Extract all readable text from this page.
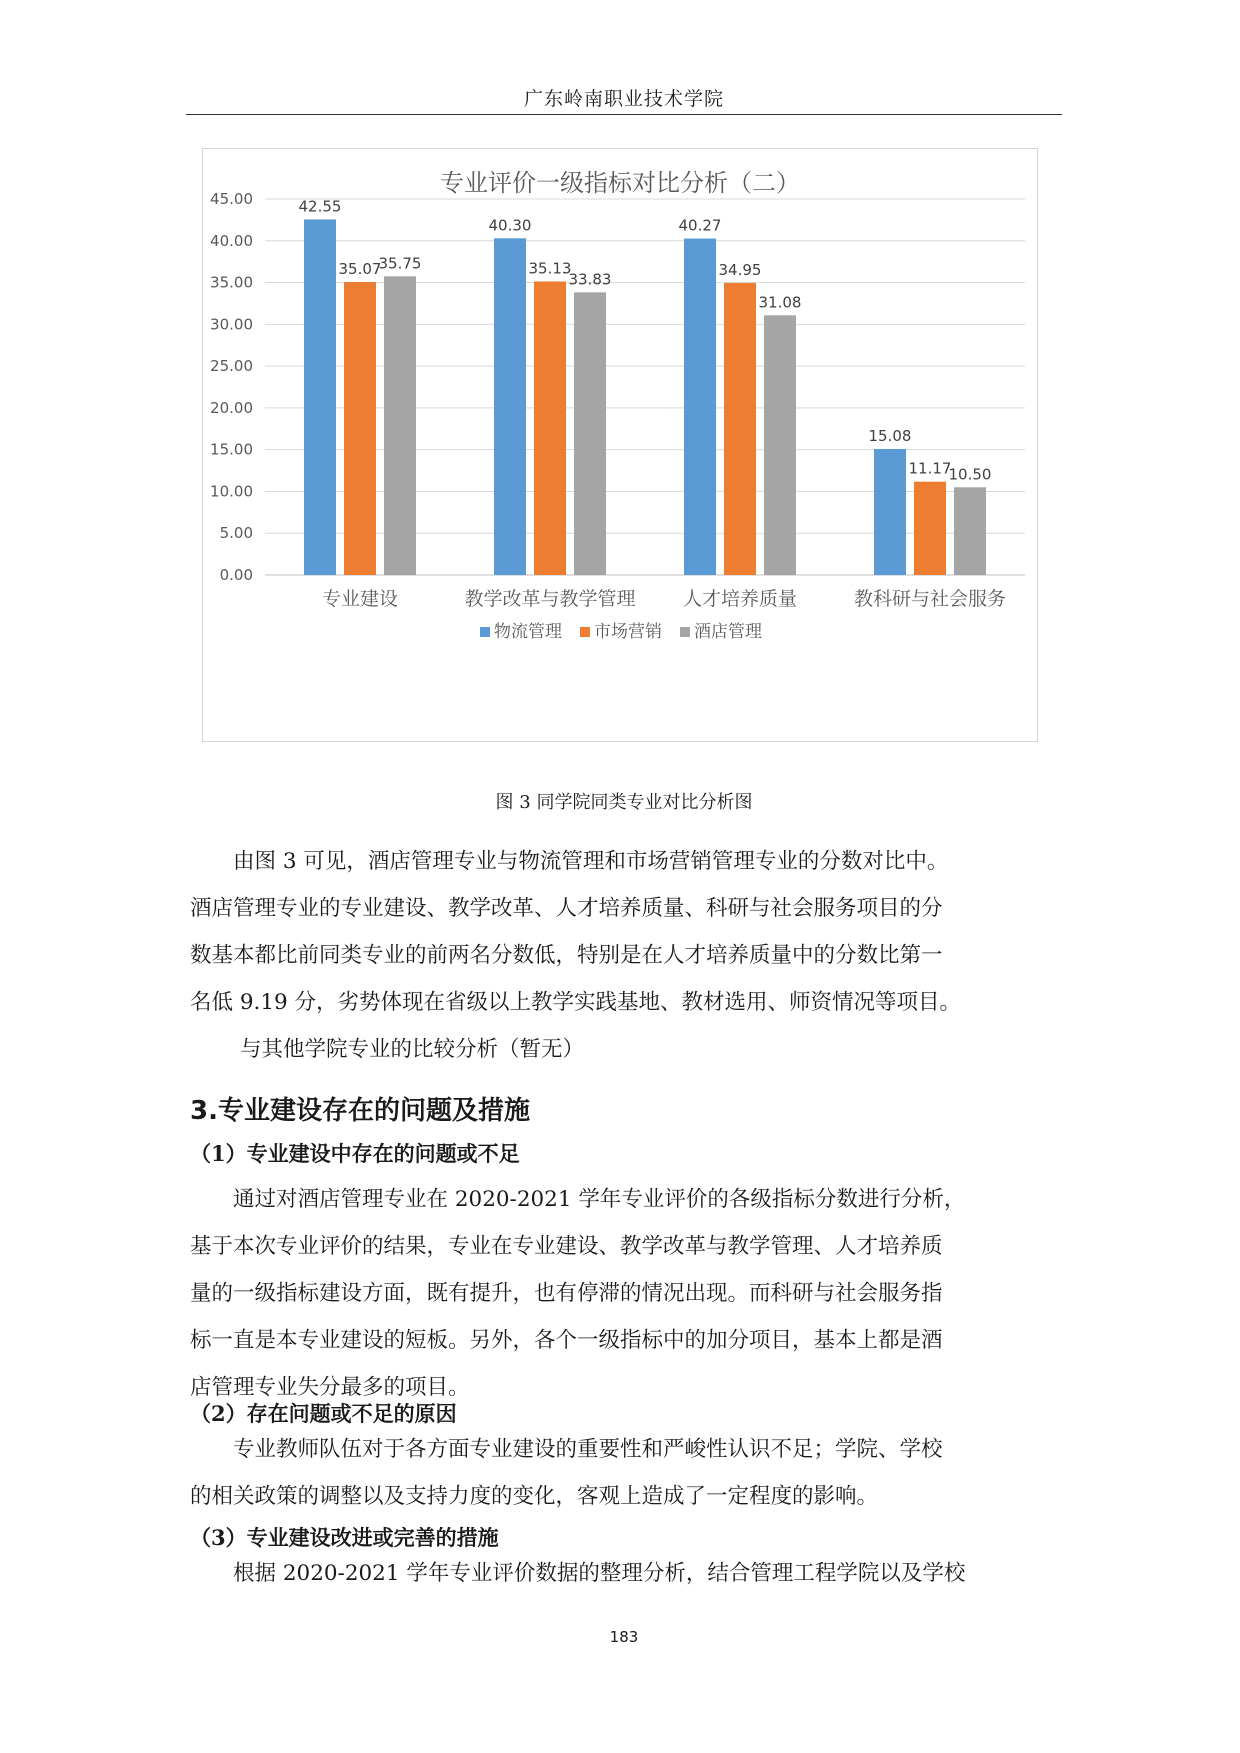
广东岭南职业技术学院
专业评价一级指标对比分析（二）
0.00
5.00
10.00
15.00
20.00
25.00
30.00
35.00
40.00
45.00	42.55
35.07
35.75
40.30
35.13
33.83
40.27
34.95
31.08
15.08
11.17
10.50
专业建设	教学改革与教学管理 人才培养质量	教科研与社会服务
物流管理 市场营销 酒店管理
图 3 同学院同类专业对比分析图
由图 3 可见，酒店管理专业与物流管理和市场营销管理专业的分数对比中。
酒店管理专业的专业建设、教学改革、人才培养质量、科研与社会服务项目的分
数基本都比前同类专业的前两名分数低，特别是在人才培养质量中的分数比第一
名低 9.19 分，劣势体现在省级以上教学实践基地、教材选用、师资情况等项目。
与其他学院专业的比较分析（暂无）
3.专业建设存在的问题及措施
（1）专业建设中存在的问题或不足
通过对酒店管理专业在 2020-2021 学年专业评价的各级指标分数进行分析，
基于本次专业评价的结果，专业在专业建设、教学改革与教学管理、人才培养质
量的一级指标建设方面，既有提升，也有停滞的情况出现。而科研与社会服务指
标一直是本专业建设的短板。另外，各个一级指标中的加分项目，基本上都是酒
店管理专业失分最多的项目。
（2）存在问题或不足的原因
专业教师队伍对于各方面专业建设的重要性和严峻性认识不足；学院、学校
的相关政策的调整以及支持力度的变化，客观上造成了一定程度的影响。
（3）专业建设改进或完善的措施
根据 2020-2021 学年专业评价数据的整理分析，结合管理工程学院以及学校
183
